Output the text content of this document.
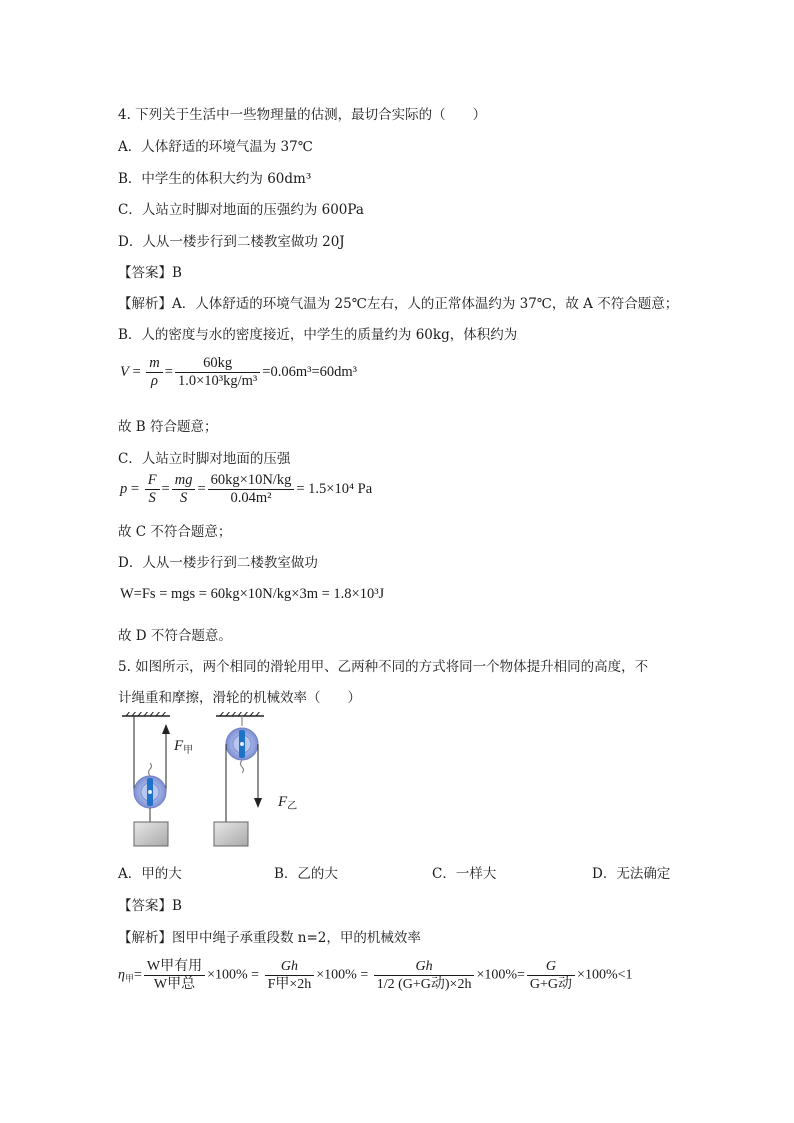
4. 下列关于生活中一些物理量的估测，最切合实际的（　　）
A．人体舒适的环境气温为 37℃
B．中学生的体积大约为 60dm³
C．人站立时脚对地面的压强约为 600Pa
D．人从一楼步行到二楼教室做功 20J
【答案】B
【解析】A．人体舒适的环境气温为 25℃左右，人的正常体温约为 37℃，故 A 不符合题意；
B．人的密度与水的密度接近，中学生的质量约为 60kg，体积约为
$V = \frac{m}{\rho} = \frac{60kg}{\text{1.0×10³kg/m³}} =0.06m^3=60dm^3$
故 B 符合题意；
C．人站立时脚对地面的压强
$p = \frac{F}{S} = \frac{mg}{S} = \frac{60kg\times 10N/kg}{\text{0.04m²}} = 1.5\times 10^4$ Pa
故 C 不符合题意；
D．人从一楼步行到二楼教室做功
W=Fs = mgs = 60kg×10N/kg×3m = 1.8×10³J
故 D 不符合题意。
5. 如图所示，两个相同的滑轮用甲、乙两种不同的方式将同一个物体提升相同的高度，不
计绳重和摩擦，滑轮的机械效率（　　）
$F_甲$
$F_乙$
A．甲的大	B．乙的大	C．一样大	D．无法确定
【答案】B
【解析】图甲中绳子承重段数 n=2，甲的机械效率
$\eta_甲= \frac{\text{W甲有用}}{\text{W甲总}} \times 100\% = \frac{Gh}{\text{F甲×2h}} \times 100\% = \frac{Gh}{\text{1/2 (G+G动)×2h}} \times 100\%= \frac{G}{\text{G+G动}} \times 100\%<1$
